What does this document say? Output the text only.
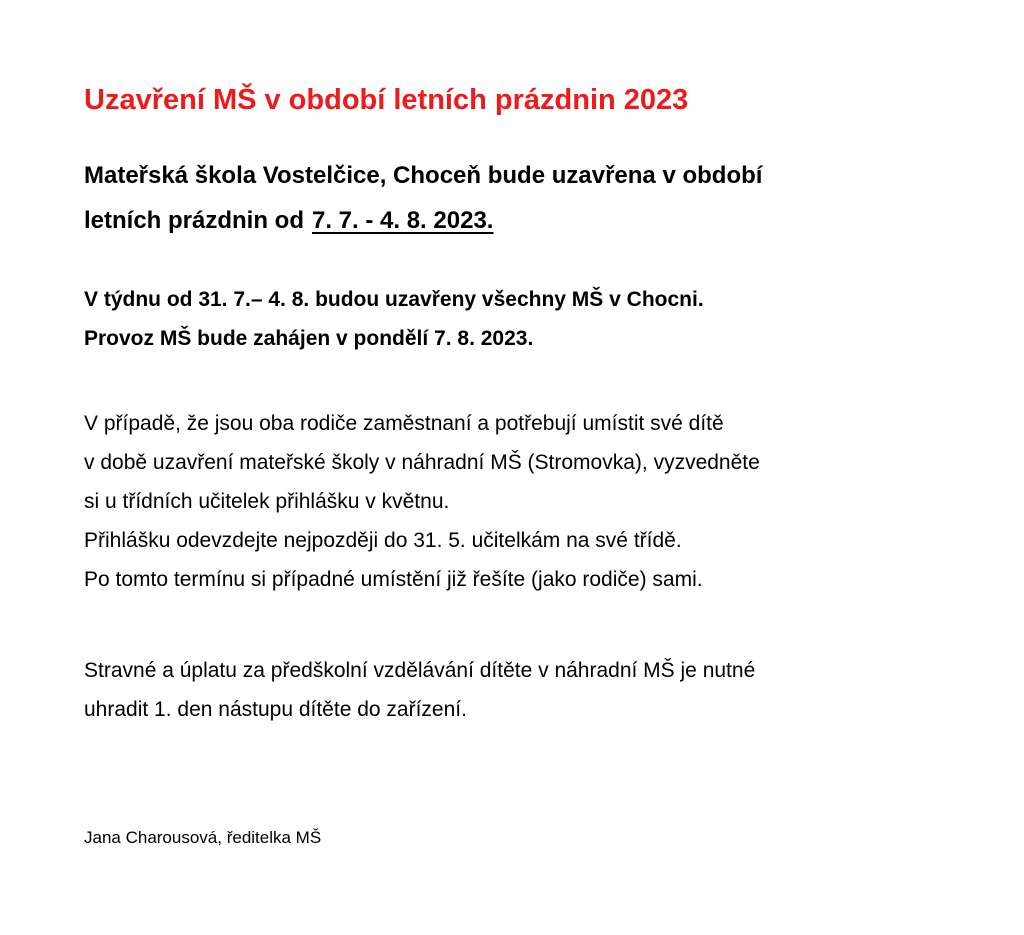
Uzavření MŠ v období letních prázdnin 2023

Mateřská škola Vostelčice, Choceň bude uzavřena v období
letních prázdnin od 7. 7. - 4. 8. 2023.

V týdnu od 31. 7.– 4. 8. budou uzavřeny všechny MŠ v Chocni.
Provoz MŠ bude zahájen v pondělí 7. 8. 2023.

V případě, že jsou oba rodiče zaměstnaní a potřebují umístit své dítě
v době uzavření mateřské školy v náhradní MŠ (Stromovka), vyzvedněte
si u třídních učitelek přihlášku v květnu.
Přihlášku odevzdejte nejpozději do 31. 5. učitelkám na své třídě.
Po tomto termínu si případné umístění již řešíte (jako rodiče) sami.

Stravné a úplatu za předškolní vzdělávání dítěte v náhradní MŠ je nutné
uhradit 1. den nástupu dítěte do zařízení.

Jana Charousová, ředitelka MŠ
